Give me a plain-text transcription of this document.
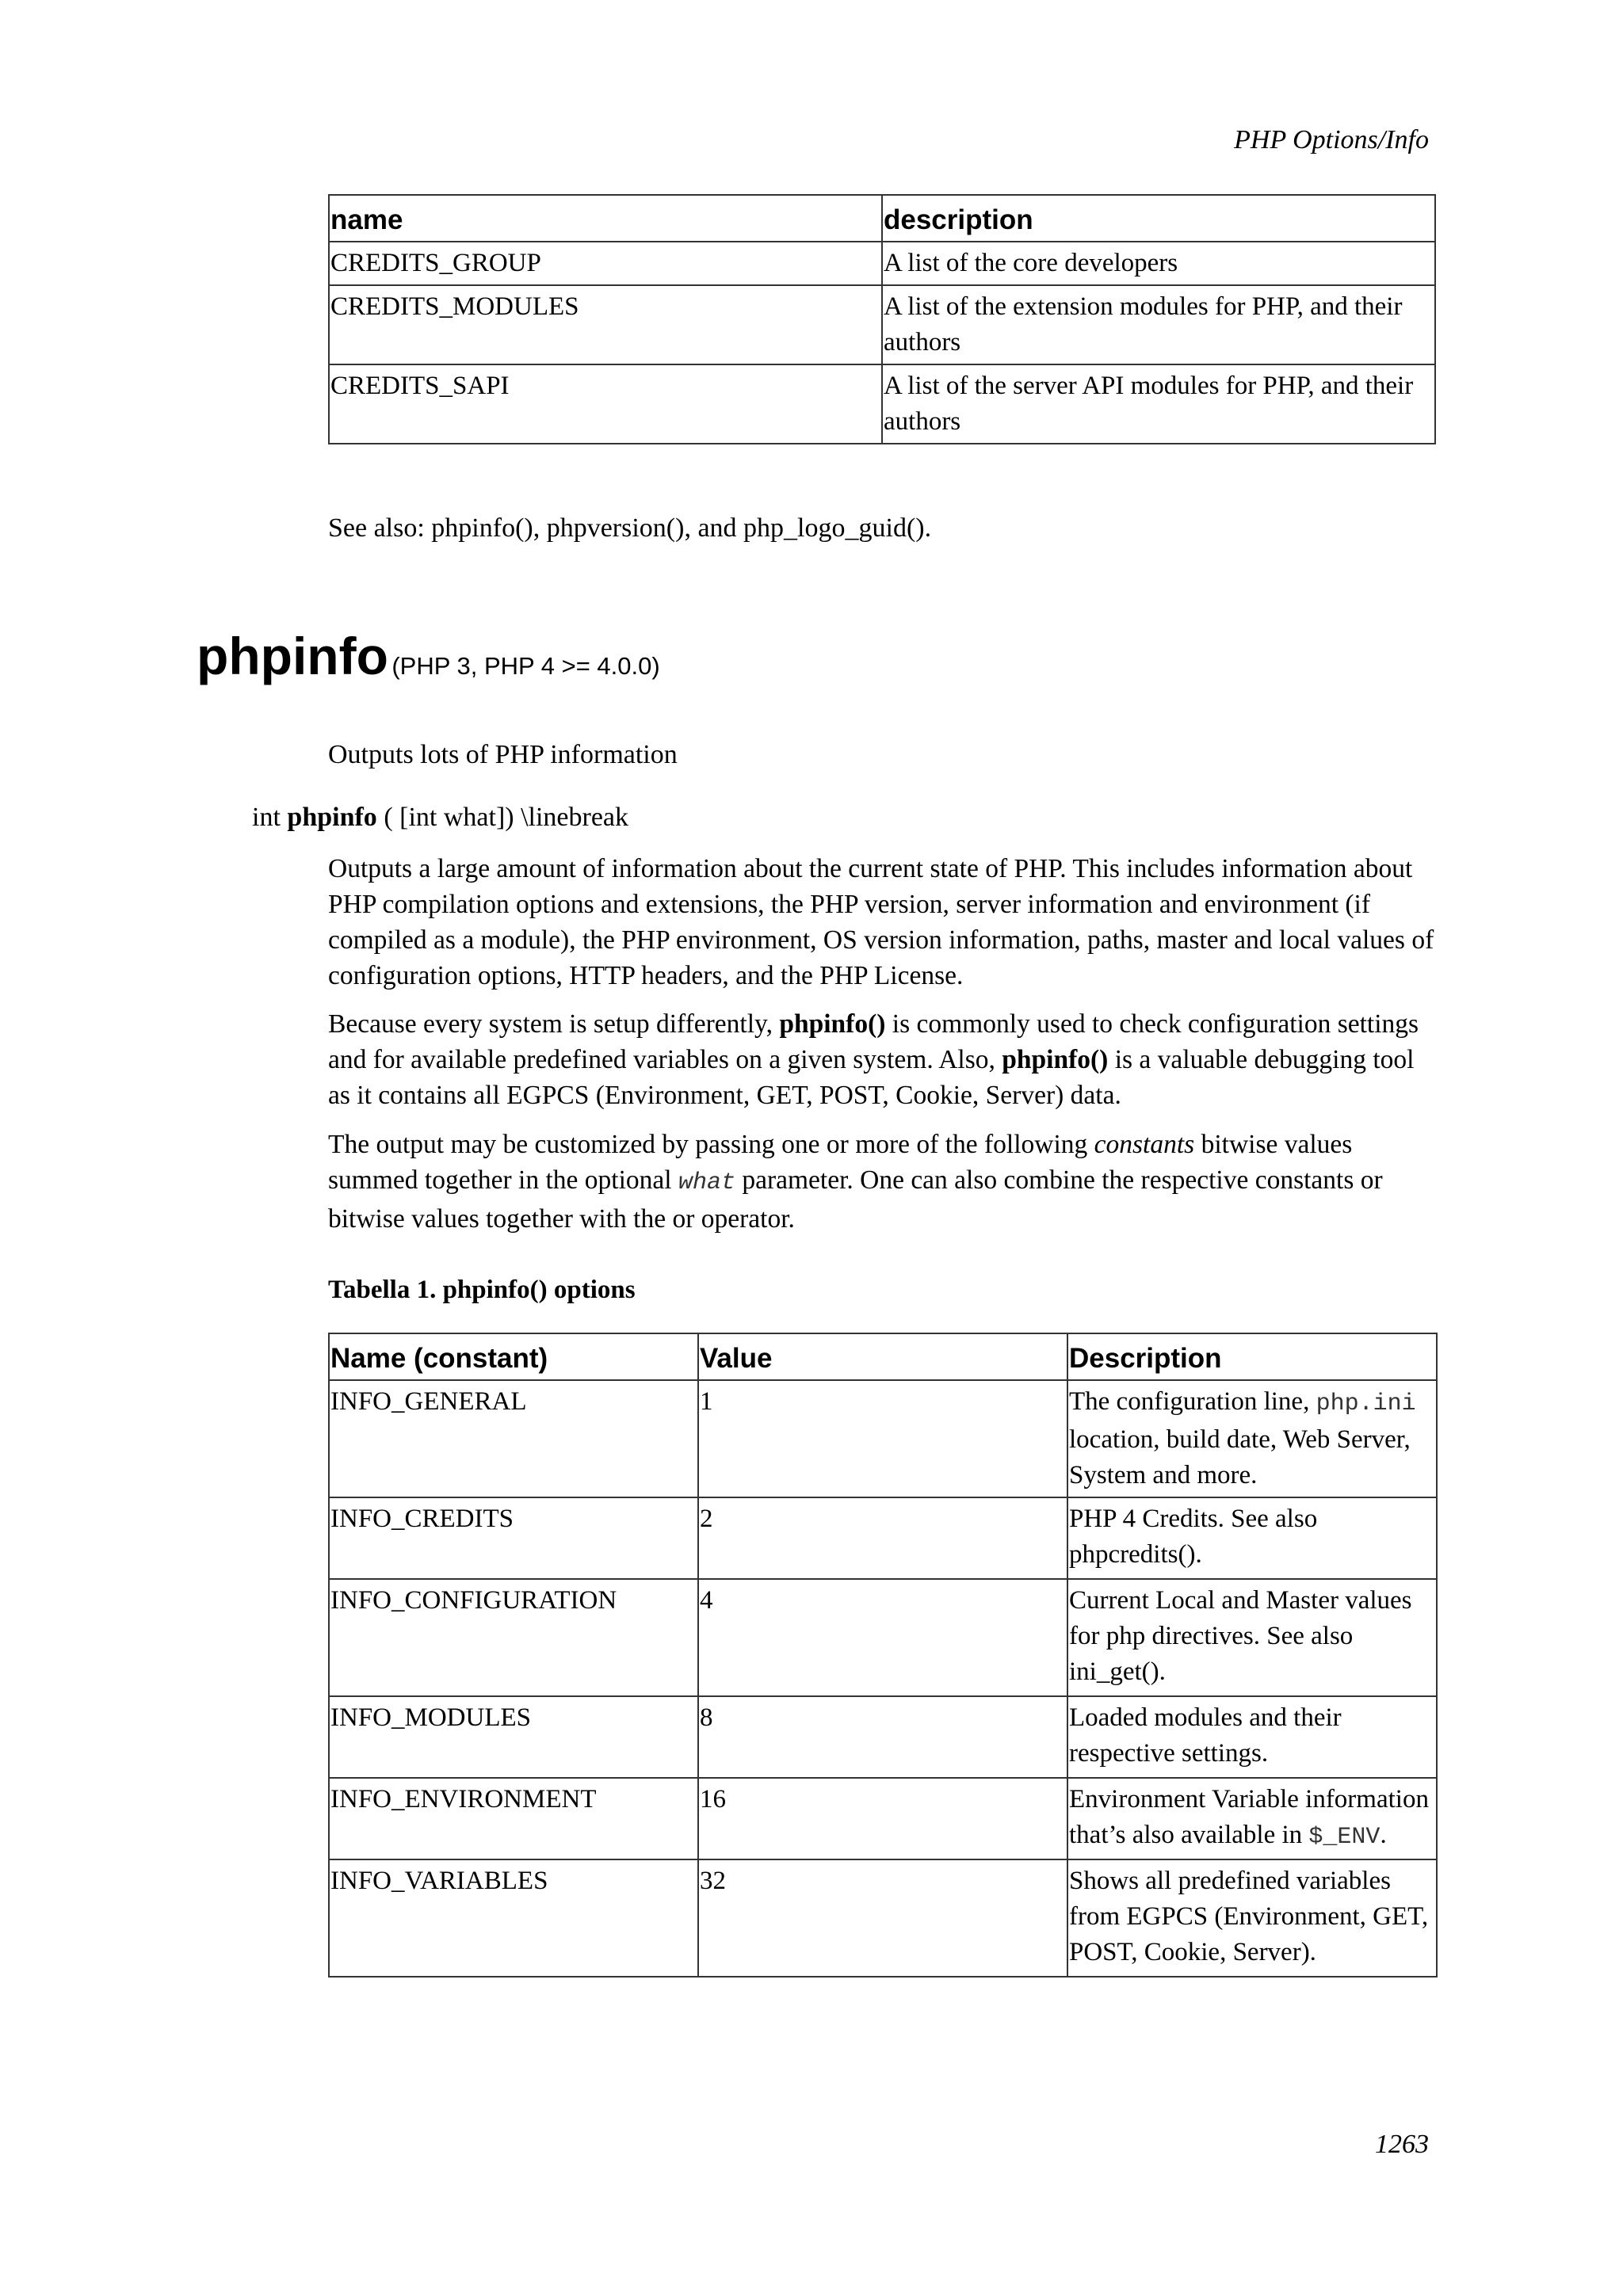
PHP Options/Info
name	description
CREDITS_GROUP	A list of the core developers
CREDITS_MODULES	A list of the extension modules for PHP, and their authors
CREDITS_SAPI	A list of the server API modules for PHP, and their authors
See also: phpinfo(), phpversion(), and php_logo_guid().
phpinfo (PHP 3, PHP 4 >= 4.0.0)
Outputs lots of PHP information
int phpinfo ( [int what]) \linebreak

Outputs a large amount of information about the current state of PHP. This includes information about PHP compilation options and extensions, the PHP version, server information and environment (if compiled as a module), the PHP environment, OS version information, paths, master and local values of configuration options, HTTP headers, and the PHP License.

Because every system is setup differently, phpinfo() is commonly used to check configuration settings and for available predefined variables on a given system. Also, phpinfo() is a valuable debugging tool as it contains all EGPCS (Environment, GET, POST, Cookie, Server) data.

The output may be customized by passing one or more of the following constants bitwise values summed together in the optional what parameter. One can also combine the respective constants or bitwise values together with the or operator.

Tabella 1. phpinfo() options
Name (constant)	Value	Description
INFO_GENERAL	1	The configuration line, php.ini location, build date, Web Server, System and more.
INFO_CREDITS	2	PHP 4 Credits. See also phpcredits().
INFO_CONFIGURATION	4	Current Local and Master values for php directives. See also ini_get().
INFO_MODULES	8	Loaded modules and their respective settings.
INFO_ENVIRONMENT	16	Environment Variable information that’s also available in $_ENV.
INFO_VARIABLES	32	Shows all predefined variables from EGPCS (Environment, GET, POST, Cookie, Server).
1263
